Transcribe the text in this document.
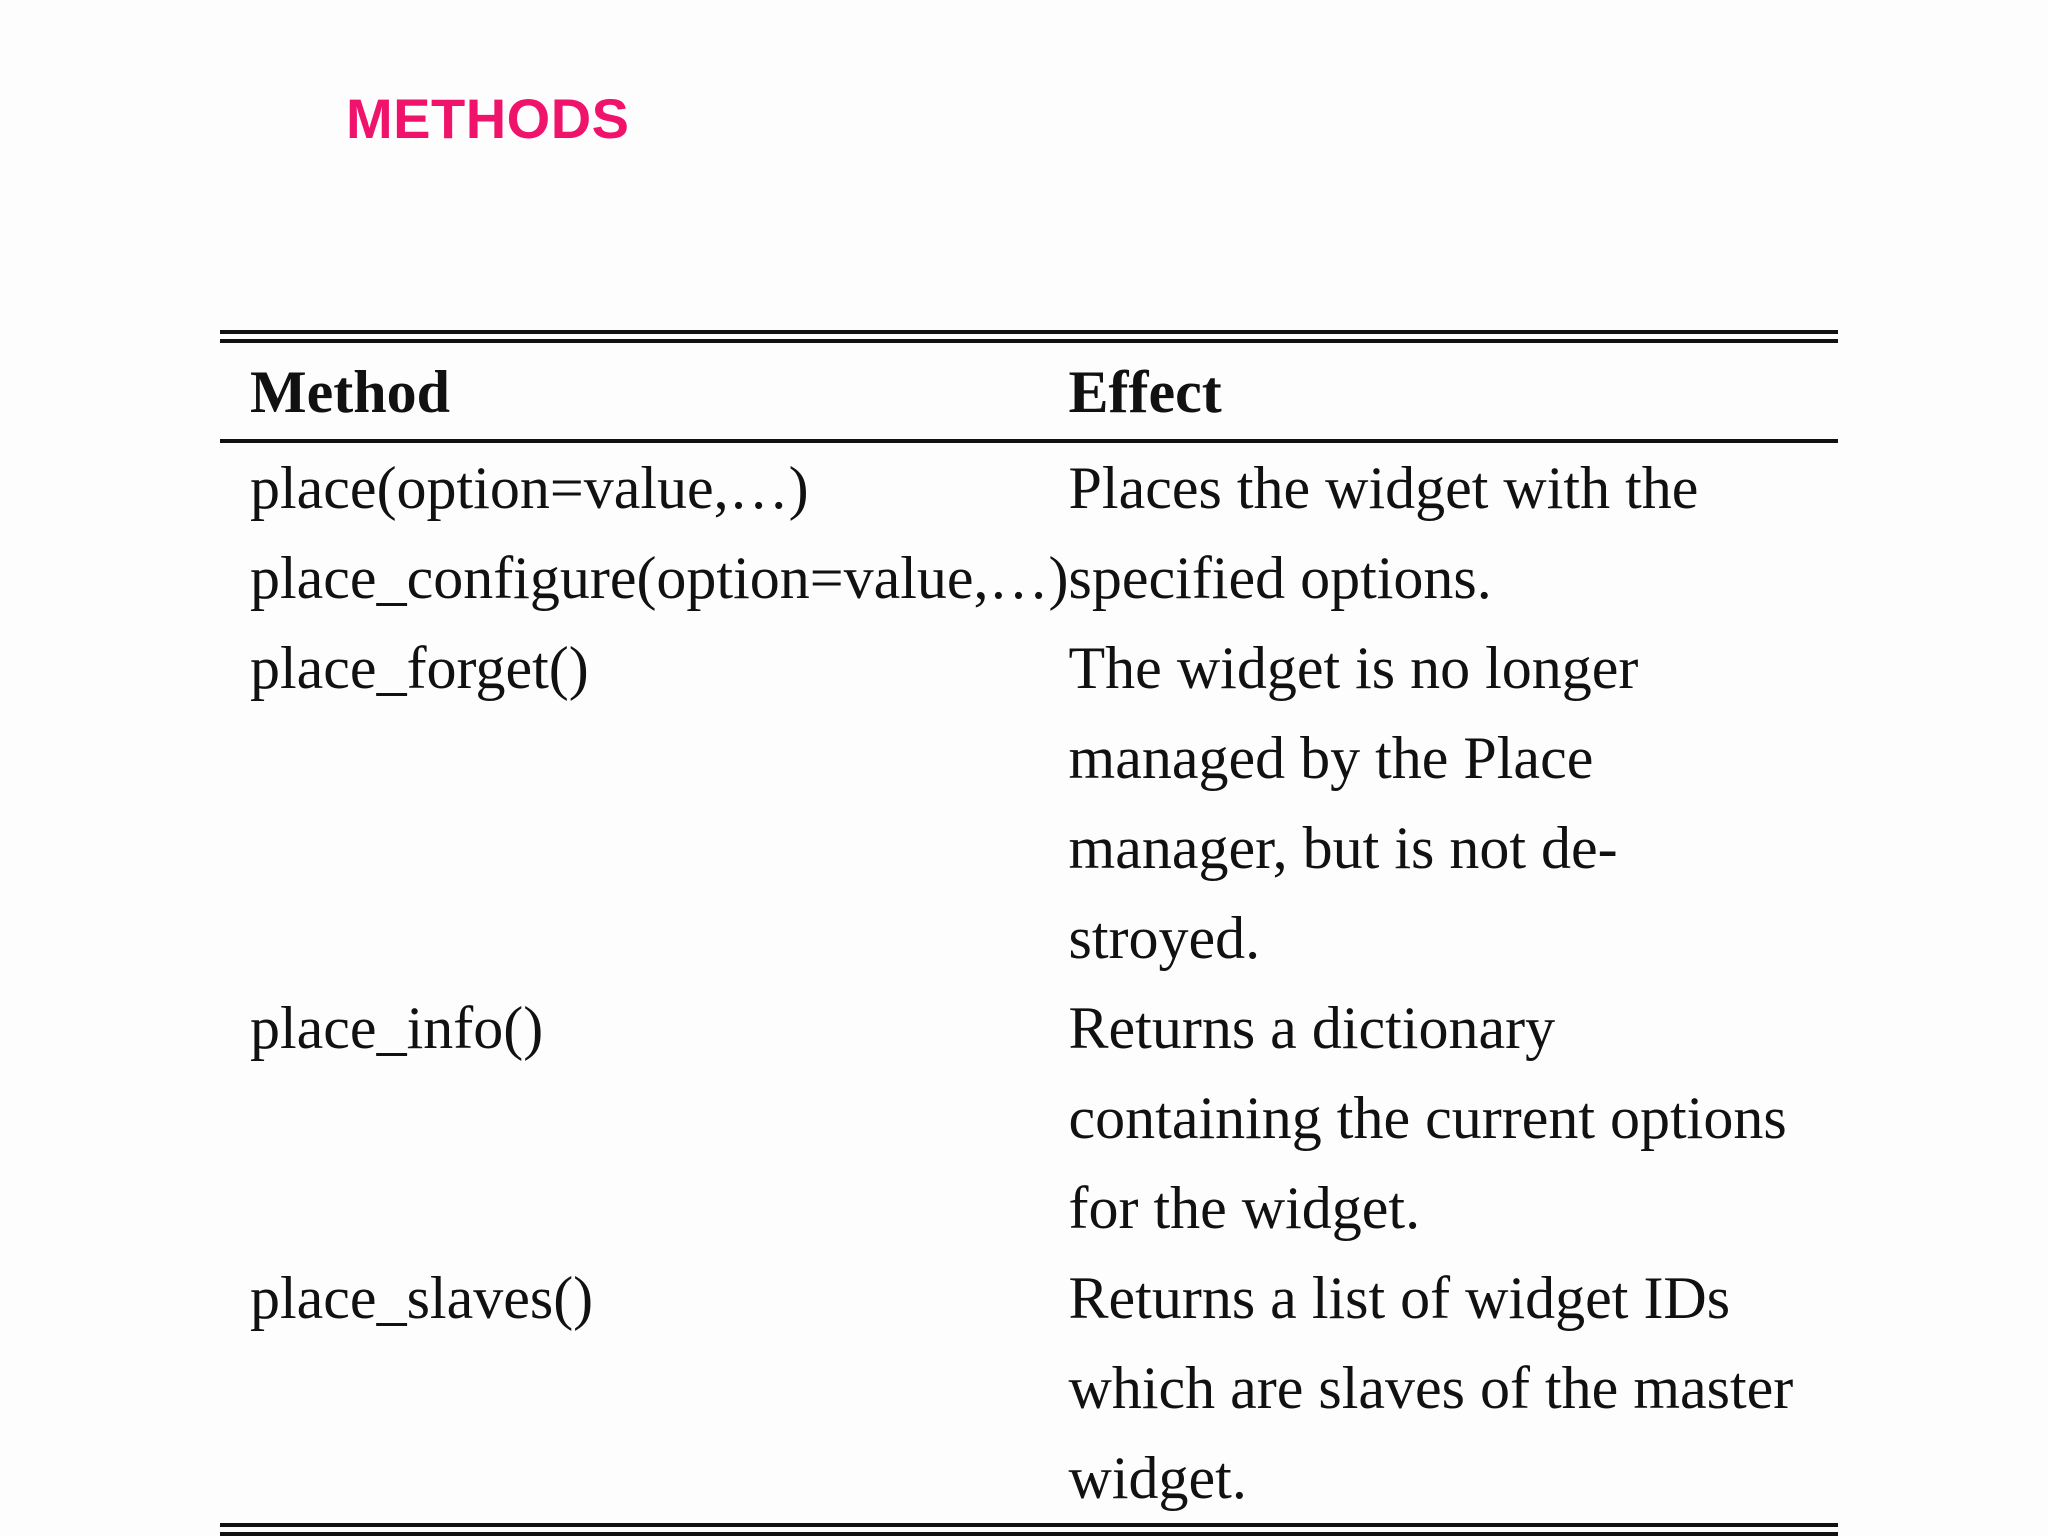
METHODS
Method	Effect

place(option=value,…)
place_configure(option=value,…)	Places the widget with the specified options.

place_forget()	The widget is no longer managed by the Place manager, but is not de-stroyed.

place_info()	Returns a dictionary containing the current options for the widget.

place_slaves()	Returns a list of widget IDs which are slaves of the master widget.
